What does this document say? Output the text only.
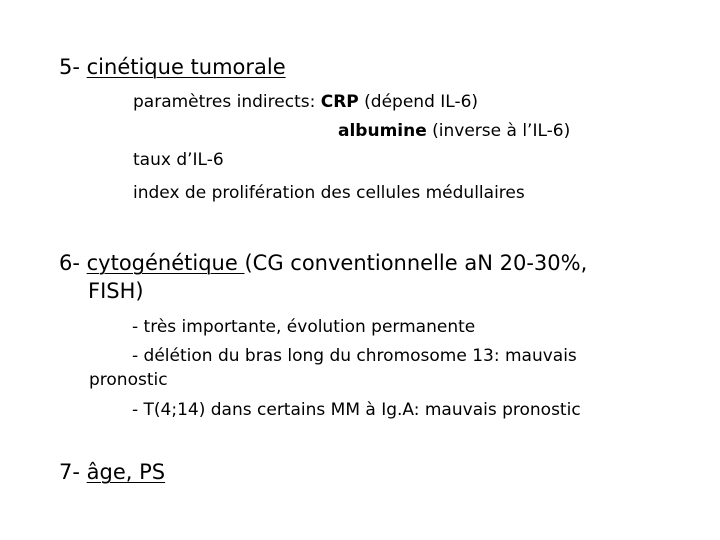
5- cinétique tumorale
paramètres indirects: CRP (dépend IL-6)
albumine (inverse à l’IL-6)
taux d’IL-6
index de prolifération des cellules médullaires
6- cytogénétique (CG conventionnelle aN 20-30%,
FISH)
- très importante, évolution permanente
- délétion du bras long du chromosome 13: mauvais
pronostic
- T(4;14) dans certains MM à Ig.A: mauvais pronostic
7- âge, PS
